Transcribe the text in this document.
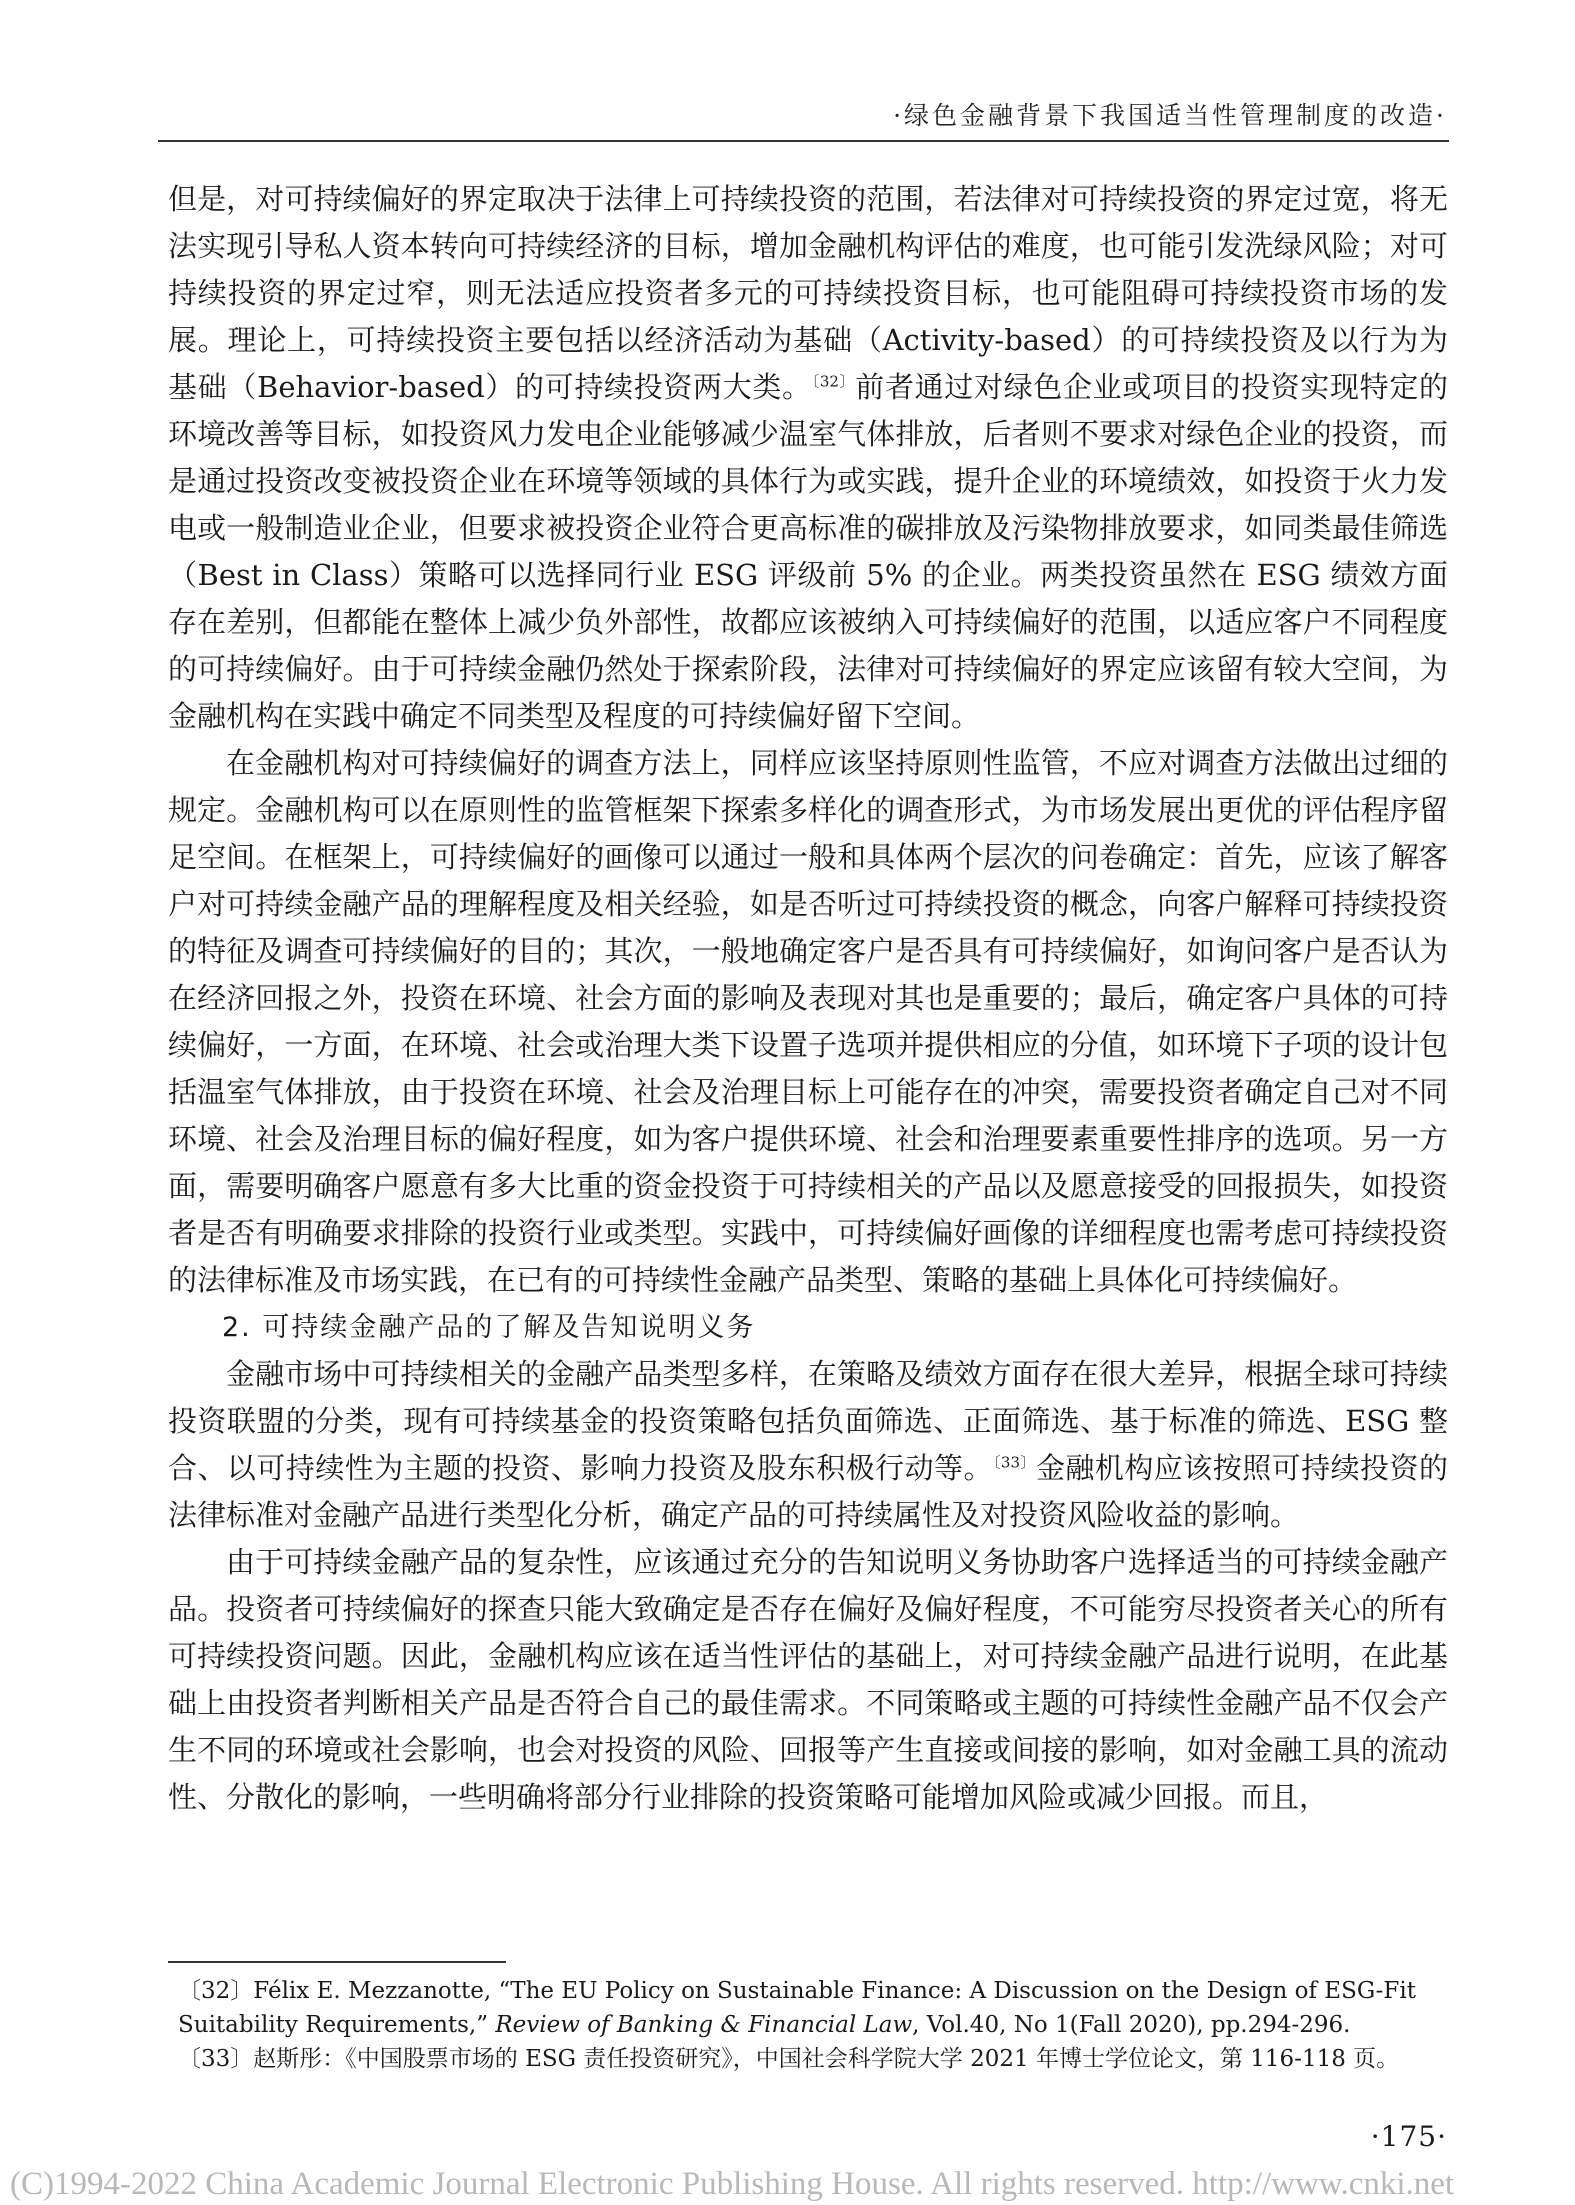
·绿色金融背景下我国适当性管理制度的改造·

但是，对可持续偏好的界定取决于法律上可持续投资的范围，若法律对可持续投资的界定过宽，将无法实现引导私人资本转向可持续经济的目标，增加金融机构评估的难度，也可能引发洗绿风险；对可持续投资的界定过窄，则无法适应投资者多元的可持续投资目标，也可能阻碍可持续投资市场的发展。理论上，可持续投资主要包括以经济活动为基础（Activity-based）的可持续投资及以行为为基础（Behavior-based）的可持续投资两大类。$^{〔32〕}$前者通过对绿色企业或项目的投资实现特定的环境改善等目标，如投资风力发电企业能够减少温室气体排放，后者则不要求对绿色企业的投资，而是通过投资改变被投资企业在环境等领域的具体行为或实践，提升企业的环境绩效，如投资于火力发电或一般制造业企业，但要求被投资企业符合更高标准的碳排放及污染物排放要求，如同类最佳筛选（Best in Class）策略可以选择同行业 ESG 评级前 5% 的企业。两类投资虽然在 ESG 绩效方面存在差别，但都能在整体上减少负外部性，故都应该被纳入可持续偏好的范围，以适应客户不同程度的可持续偏好。由于可持续金融仍然处于探索阶段，法律对可持续偏好的界定应该留有较大空间，为金融机构在实践中确定不同类型及程度的可持续偏好留下空间。

在金融机构对可持续偏好的调查方法上，同样应该坚持原则性监管，不应对调查方法做出过细的规定。金融机构可以在原则性的监管框架下探索多样化的调查形式，为市场发展出更优的评估程序留足空间。在框架上，可持续偏好的画像可以通过一般和具体两个层次的问卷确定：首先，应该了解客户对可持续金融产品的理解程度及相关经验，如是否听过可持续投资的概念，向客户解释可持续投资的特征及调查可持续偏好的目的；其次，一般地确定客户是否具有可持续偏好，如询问客户是否认为在经济回报之外，投资在环境、社会方面的影响及表现对其也是重要的；最后，确定客户具体的可持续偏好，一方面，在环境、社会或治理大类下设置子选项并提供相应的分值，如环境下子项的设计包括温室气体排放，由于投资在环境、社会及治理目标上可能存在的冲突，需要投资者确定自己对不同环境、社会及治理目标的偏好程度，如为客户提供环境、社会和治理要素重要性排序的选项。另一方面，需要明确客户愿意有多大比重的资金投资于可持续相关的产品以及愿意接受的回报损失，如投资者是否有明确要求排除的投资行业或类型。实践中，可持续偏好画像的详细程度也需考虑可持续投资的法律标准及市场实践，在已有的可持续性金融产品类型、策略的基础上具体化可持续偏好。

2. 可持续金融产品的了解及告知说明义务

金融市场中可持续相关的金融产品类型多样，在策略及绩效方面存在很大差异，根据全球可持续投资联盟的分类，现有可持续基金的投资策略包括负面筛选、正面筛选、基于标准的筛选、ESG 整合、以可持续性为主题的投资、影响力投资及股东积极行动等。$^{〔33〕}$金融机构应该按照可持续投资的法律标准对金融产品进行类型化分析，确定产品的可持续属性及对投资风险收益的影响。

由于可持续金融产品的复杂性，应该通过充分的告知说明义务协助客户选择适当的可持续金融产品。投资者可持续偏好的探查只能大致确定是否存在偏好及偏好程度，不可能穷尽投资者关心的所有可持续投资问题。因此，金融机构应该在适当性评估的基础上，对可持续金融产品进行说明，在此基础上由投资者判断相关产品是否符合自己的最佳需求。不同策略或主题的可持续性金融产品不仅会产生不同的环境或社会影响，也会对投资的风险、回报等产生直接或间接的影响，如对金融工具的流动性、分散化的影响，一些明确将部分行业排除的投资策略可能增加风险或减少回报。而且，

〔32〕Félix E. Mezzanotte, “The EU Policy on Sustainable Finance: A Discussion on the Design of ESG-Fit Suitability Requirements,” Review of Banking & Financial Law, Vol.40, No 1(Fall 2020), pp.294-296.

〔33〕赵斯彤：《中国股票市场的 ESG 责任投资研究》，中国社会科学院大学 2021 年博士学位论文，第 116-118 页。

·175·
(C)1994-2022 China Academic Journal Electronic Publishing House. All rights reserved. http://www.cnki.net
